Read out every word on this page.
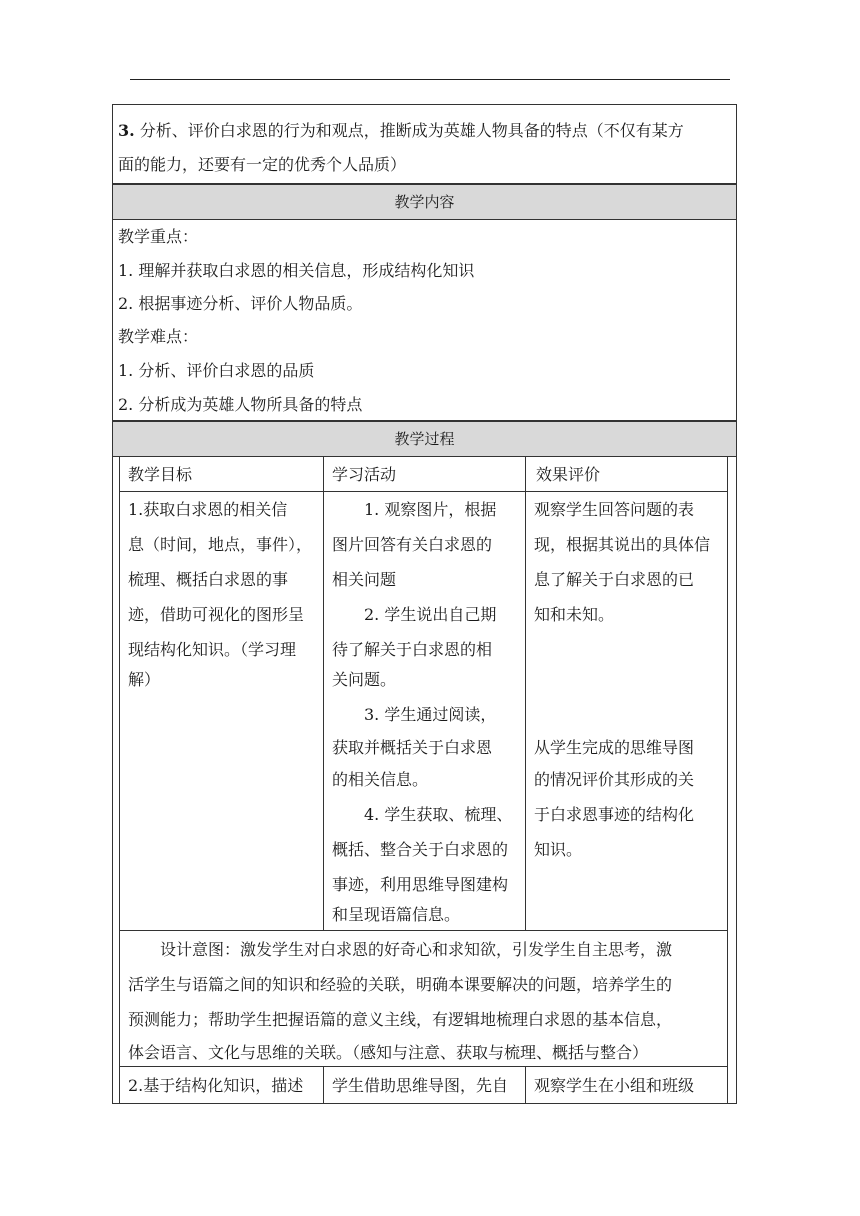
3. 分析、评价白求恩的行为和观点，推断成为英雄人物具备的特点（不仅有某方
面的能力，还要有一定的优秀个人品质）
教学内容
教学重点：
1. 理解并获取白求恩的相关信息，形成结构化知识
2. 根据事迹分析、评价人物品质。
教学难点：
1. 分析、评价白求恩的品质
2. 分析成为英雄人物所具备的特点
教学过程
教学目标	学习活动	效果评价
1.获取白求恩的相关信
息（时间，地点，事件），
梳理、概括白求恩的事
迹，借助可视化的图形呈
现结构化知识。（学习理
解）
1. 观察图片，根据
图片回答有关白求恩的
相关问题
2. 学生说出自己期
待了解关于白求恩的相
关问题。
3. 学生通过阅读，
获取并概括关于白求恩
的相关信息。
4. 学生获取、梳理、
概括、整合关于白求恩的
事迹，利用思维导图建构
和呈现语篇信息。
观察学生回答问题的表
现，根据其说出的具体信
息了解关于白求恩的已
知和未知。
从学生完成的思维导图
的情况评价其形成的关
于白求恩事迹的结构化
知识。
设计意图：激发学生对白求恩的好奇心和求知欲，引发学生自主思考，激
活学生与语篇之间的知识和经验的关联，明确本课要解决的问题，培养学生的
预测能力；帮助学生把握语篇的意义主线，有逻辑地梳理白求恩的基本信息，
体会语言、文化与思维的关联。（感知与注意、获取与梳理、概括与整合）
2.基于结构化知识，描述 学生借助思维导图，先自 观察学生在小组和班级
